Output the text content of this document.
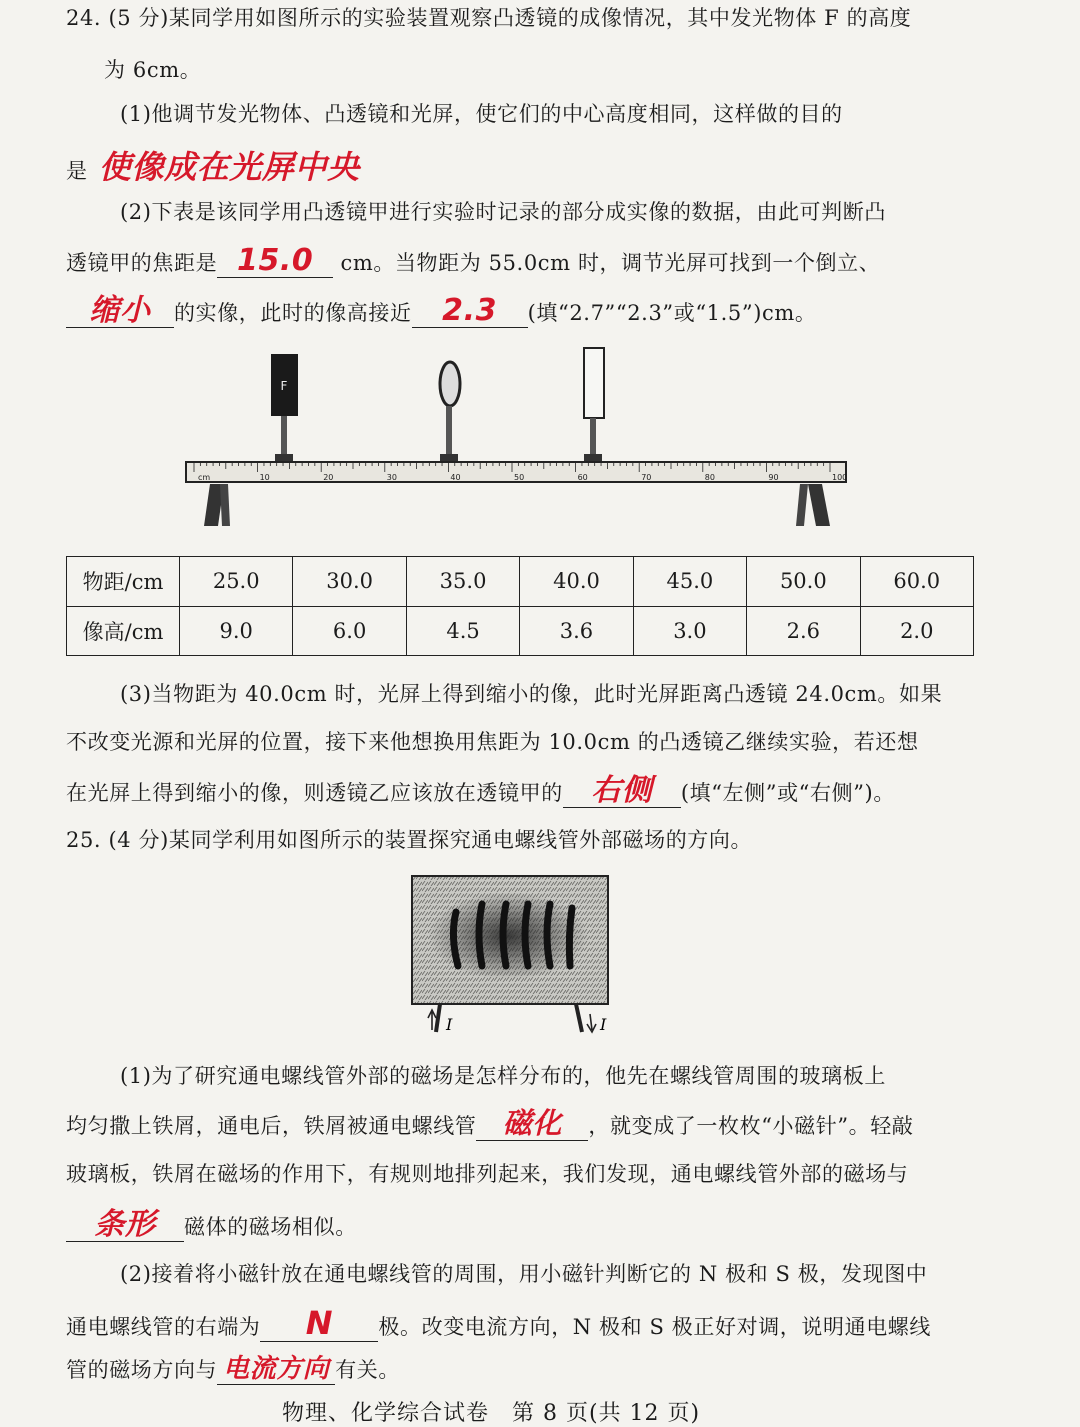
24. (5 分)某同学用如图所示的实验装置观察凸透镜的成像情况，其中发光物体 F 的高度
为 6cm。
(1)他调节发光物体、凸透镜和光屏，使它们的中心高度相同，这样做的目的
是 使像成在光屏中央
(2)下表是该同学用凸透镜甲进行实验时记录的部分成实像的数据，由此可判断凸
透镜甲的焦距是 15.0 cm。当物距为 55.0cm 时，调节光屏可找到一个倒立、
缩小 的实像，此时的像高接近 2.3 (填“2.7”“2.3”或“1.5”)cm。
F
cm	10	20	30	40	50	60	70	80	90	100
物距/cm	25.0	30.0	35.0	40.0	45.0	50.0	60.0
像高/cm	9.0	6.0	4.5	3.6	3.0	2.6	2.0
(3)当物距为 40.0cm 时，光屏上得到缩小的像，此时光屏距离凸透镜 24.0cm。如果
不改变光源和光屏的位置，接下来他想换用焦距为 10.0cm 的凸透镜乙继续实验，若还想
在光屏上得到缩小的像，则透镜乙应该放在透镜甲的 右侧 (填“左侧”或“右侧”)。
25. (4 分)某同学利用如图所示的装置探究通电螺线管外部磁场的方向。
I	I
(1)为了研究通电螺线管外部的磁场是怎样分布的，他先在螺线管周围的玻璃板上
均匀撒上铁屑，通电后，铁屑被通电螺线管 磁化 ，就变成了一枚枚“小磁针”。轻敲
玻璃板，铁屑在磁场的作用下，有规则地排列起来，我们发现，通电螺线管外部的磁场与
条形 磁体的磁场相似。
(2)接着将小磁针放在通电螺线管的周围，用小磁针判断它的 N 极和 S 极，发现图中
通电螺线管的右端为 N 极。改变电流方向，N 极和 S 极正好对调，说明通电螺线
管的磁场方向与 电流方向 有关。
物理、化学综合试卷　第 8 页(共 12 页)
